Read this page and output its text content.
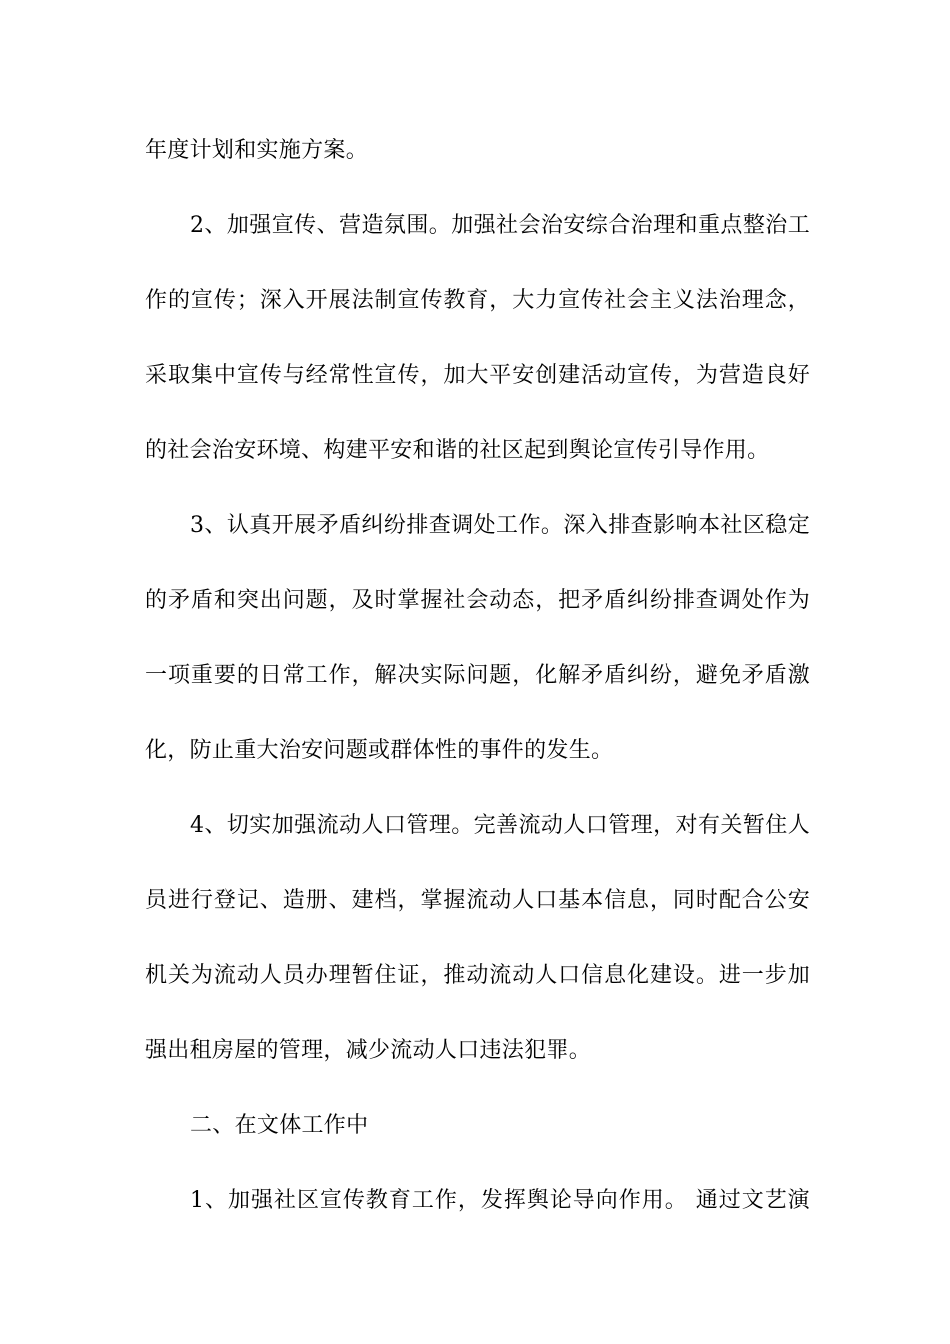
年度计划和实施方案。
2、加强宣传、营造氛围。加强社会治安综合治理和重点整治工
作的宣传；深入开展法制宣传教育，大力宣传社会主义法治理念，
采取集中宣传与经常性宣传，加大平安创建活动宣传，为营造良好
的社会治安环境、构建平安和谐的社区起到舆论宣传引导作用。
3、认真开展矛盾纠纷排查调处工作。深入排查影响本社区稳定
的矛盾和突出问题，及时掌握社会动态，把矛盾纠纷排查调处作为
一项重要的日常工作，解决实际问题，化解矛盾纠纷，避免矛盾激
化，防止重大治安问题或群体性的事件的发生。
4、切实加强流动人口管理。完善流动人口管理，对有关暂住人
员进行登记、造册、建档，掌握流动人口基本信息，同时配合公安
机关为流动人员办理暂住证，推动流动人口信息化建设。进一步加
强出租房屋的管理，减少流动人口违法犯罪。
二、在文体工作中
1、加强社区宣传教育工作，发挥舆论导向作用。 通过文艺演
